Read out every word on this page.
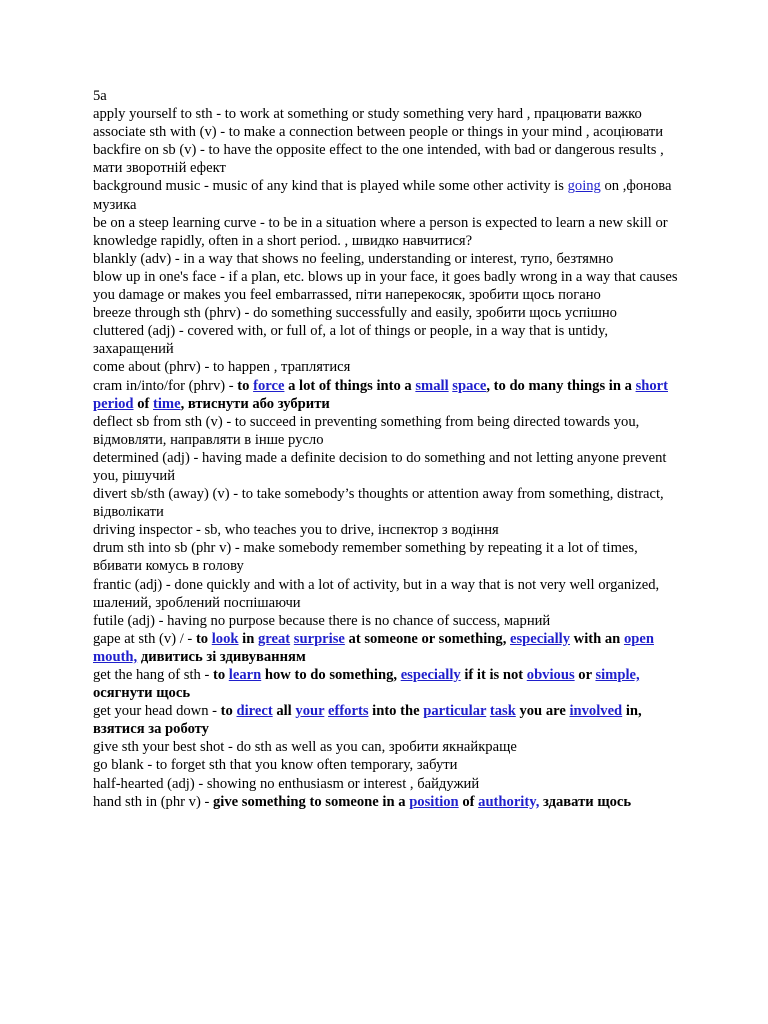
5a
apply yourself to sth - to work at something or study something very hard , працювати важко
associate sth with (v) - to make a connection between people or things in your mind , асоціювати
backfire on sb (v) - to have the opposite effect to the one intended, with bad or dangerous results , мати зворотній ефект
background music - music of any kind that is played while some other activity is going on ,фонова музика
be on a steep learning curve - to be in a situation where a person is expected to learn a new skill or knowledge rapidly, often in a short period. , швидко навчитися?
blankly (adv) - in a way that shows no feeling, understanding or interest, тупо, безтямно
blow up in one's face - if a plan, etc. blows up in your face, it goes badly wrong in a way that causes you damage or makes you feel embarrassed, піти наперекосяк, зробити щось погано
breeze through sth (phrv) - do something successfully and easily, зробити щось успішно
cluttered (adj) - covered with, or full of, a lot of things or people, in a way that is untidy, захаращений
come about (phrv) - to happen , траплятися
cram in/into/for (phrv) - to force a lot of things into a small space, to do many things in a short period of time, втиснути або зубрити
deflect sb from sth (v) - to succeed in preventing something from being directed towards you, відмовляти, направляти в інше русло
determined (adj) - having made a definite decision to do something and not letting anyone prevent you, рішучий
divert sb/sth (away) (v) - to take somebody’s thoughts or attention away from something, distract, відволікати
driving inspector - sb, who teaches you to drive, інспектор з водіння
drum sth into sb (phr v) - make somebody remember something by repeating it a lot of times, вбивати комусь в голову
frantic (adj) - done quickly and with a lot of activity, but in a way that is not very well organized, шалений, зроблений поспішаючи
futile (adj) - having no purpose because there is no chance of success, марний
gape at sth (v) / - to look in great surprise at someone or something, especially with an open mouth, дивитись зі здивуванням
get the hang of sth - to learn how to do something, especially if it is not obvious or simple, осягнути щось
get your head down - to direct all your efforts into the particular task you are involved in, взятися за роботу
give sth your best shot - do sth as well as you can, зробити якнайкраще
go blank - to forget sth that you know often temporary, забути
half-hearted (adj) - showing no enthusiasm or interest , байдужий
hand sth in (phr v) - give something to someone in a position of authority, здавати щось
